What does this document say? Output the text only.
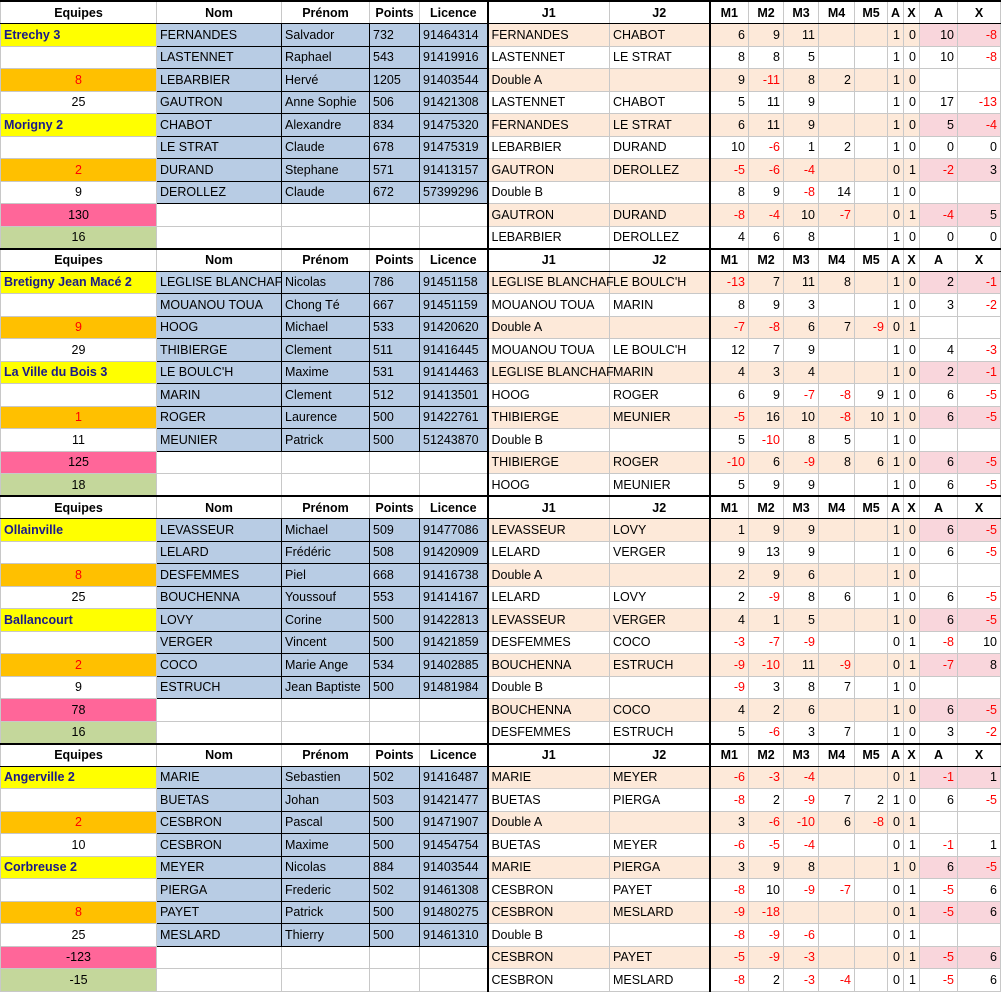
Equipes	Nom	Prénom	Points	Licence	J1	J2	M1	M2	M3	M4	M5	A	X	A	X
Etrechy 3	FERNANDES	Salvador	732	91464314	FERNANDES	CHABOT	6	9	11			1	0	10	-8
	LASTENNET	Raphael	543	91419916	LASTENNET	LE STRAT	8	8	5			1	0	10	-8
8	LEBARBIER	Hervé	1205	91403544	Double A		9	-11	8	2		1	0		
25	GAUTRON	Anne Sophie	506	91421308	LASTENNET	CHABOT	5	11	9			1	0	17	-13
Morigny 2	CHABOT	Alexandre	834	91475320	FERNANDES	LE STRAT	6	11	9			1	0	5	-4
	LE STRAT	Claude	678	91475319	LEBARBIER	DURAND	10	-6	1	2		1	0	0	0
2	DURAND	Stephane	571	91413157	GAUTRON	DEROLLEZ	-5	-6	-4			0	1	-2	3
9	DEROLLEZ	Claude	672	57399296	Double B		8	9	-8	14		1	0		
130					GAUTRON	DURAND	-8	-4	10	-7		0	1	-4	5
16					LEBARBIER	DEROLLEZ	4	6	8			1	0	0	0
Equipes	Nom	Prénom	Points	Licence	J1	J2	M1	M2	M3	M4	M5	A	X	A	X
Bretigny Jean Macé 2	LEGLISE BLANCHAF	Nicolas	786	91451158	LEGLISE BLANCHAF	LE BOULC'H	-13	7	11	8		1	0	2	-1
	MOUANOU TOUA	Chong Té	667	91451159	MOUANOU TOUA	MARIN	8	9	3			1	0	3	-2
9	HOOG	Michael	533	91420620	Double A		-7	-8	6	7	-9	0	1		
29	THIBIERGE	Clement	511	91416445	MOUANOU TOUA	LE BOULC'H	12	7	9			1	0	4	-3
La Ville du Bois 3	LE BOULC'H	Maxime	531	91414463	LEGLISE BLANCHAF	MARIN	4	3	4			1	0	2	-1
	MARIN	Clement	512	91413501	HOOG	ROGER	6	9	-7	-8	9	1	0	6	-5
1	ROGER	Laurence	500	91422761	THIBIERGE	MEUNIER	-5	16	10	-8	10	1	0	6	-5
11	MEUNIER	Patrick	500	51243870	Double B		5	-10	8	5		1	0		
125					THIBIERGE	ROGER	-10	6	-9	8	6	1	0	6	-5
18					HOOG	MEUNIER	5	9	9			1	0	6	-5
Equipes	Nom	Prénom	Points	Licence	J1	J2	M1	M2	M3	M4	M5	A	X	A	X
Ollainville	LEVASSEUR	Michael	509	91477086	LEVASSEUR	LOVY	1	9	9			1	0	6	-5
	LELARD	Frédéric	508	91420909	LELARD	VERGER	9	13	9			1	0	6	-5
8	DESFEMMES	Piel	668	91416738	Double A		2	9	6			1	0		
25	BOUCHENNA	Youssouf	553	91414167	LELARD	LOVY	2	-9	8	6		1	0	6	-5
Ballancourt	LOVY	Corine	500	91422813	LEVASSEUR	VERGER	4	1	5			1	0	6	-5
	VERGER	Vincent	500	91421859	DESFEMMES	COCO	-3	-7	-9			0	1	-8	10
2	COCO	Marie Ange	534	91402885	BOUCHENNA	ESTRUCH	-9	-10	11	-9		0	1	-7	8
9	ESTRUCH	Jean Baptiste	500	91481984	Double B		-9	3	8	7		1	0		
78					BOUCHENNA	COCO	4	2	6			1	0	6	-5
16					DESFEMMES	ESTRUCH	5	-6	3	7		1	0	3	-2
Equipes	Nom	Prénom	Points	Licence	J1	J2	M1	M2	M3	M4	M5	A	X	A	X
Angerville 2	MARIE	Sebastien	502	91416487	MARIE	MEYER	-6	-3	-4			0	1	-1	1
	BUETAS	Johan	503	91421477	BUETAS	PIERGA	-8	2	-9	7	2	1	0	6	-5
2	CESBRON	Pascal	500	91471907	Double A		3	-6	-10	6	-8	0	1		
10	CESBRON	Maxime	500	91454754	BUETAS	MEYER	-6	-5	-4			0	1	-1	1
Corbreuse 2	MEYER	Nicolas	884	91403544	MARIE	PIERGA	3	9	8			1	0	6	-5
	PIERGA	Frederic	502	91461308	CESBRON	PAYET	-8	10	-9	-7		0	1	-5	6
8	PAYET	Patrick	500	91480275	CESBRON	MESLARD	-9	-18				0	1	-5	6
25	MESLARD	Thierry	500	91461310	Double B		-8	-9	-6			0	1		
-123					CESBRON	PAYET	-5	-9	-3			0	1	-5	6
-15					CESBRON	MESLARD	-8	2	-3	-4		0	1	-5	6
